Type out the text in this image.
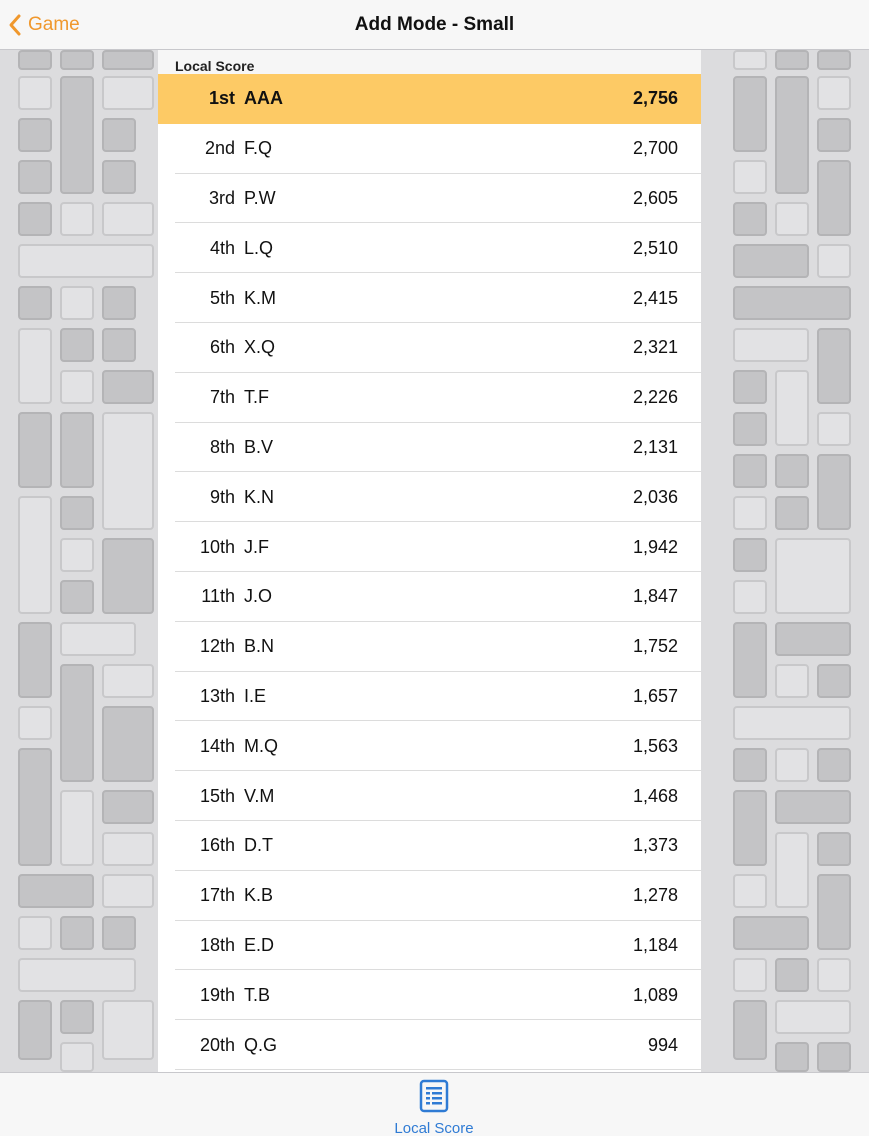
Game	Add Mode - Small
Local Score
1st AAA	2,756
2nd F.Q	2,700
3rd P.W	2,605
4th L.Q	2,510
5th K.M	2,415
6th X.Q	2,321
7th T.F	2,226
8th B.V	2,131
9th K.N	2,036
10th J.F	1,942
11th J.O	1,847
12th B.N	1,752
13th I.E	1,657
14th M.Q	1,563
15th V.M	1,468
16th D.T	1,373
17th K.B	1,278
18th E.D	1,184
19th T.B	1,089
20th Q.G	994
Local Score
